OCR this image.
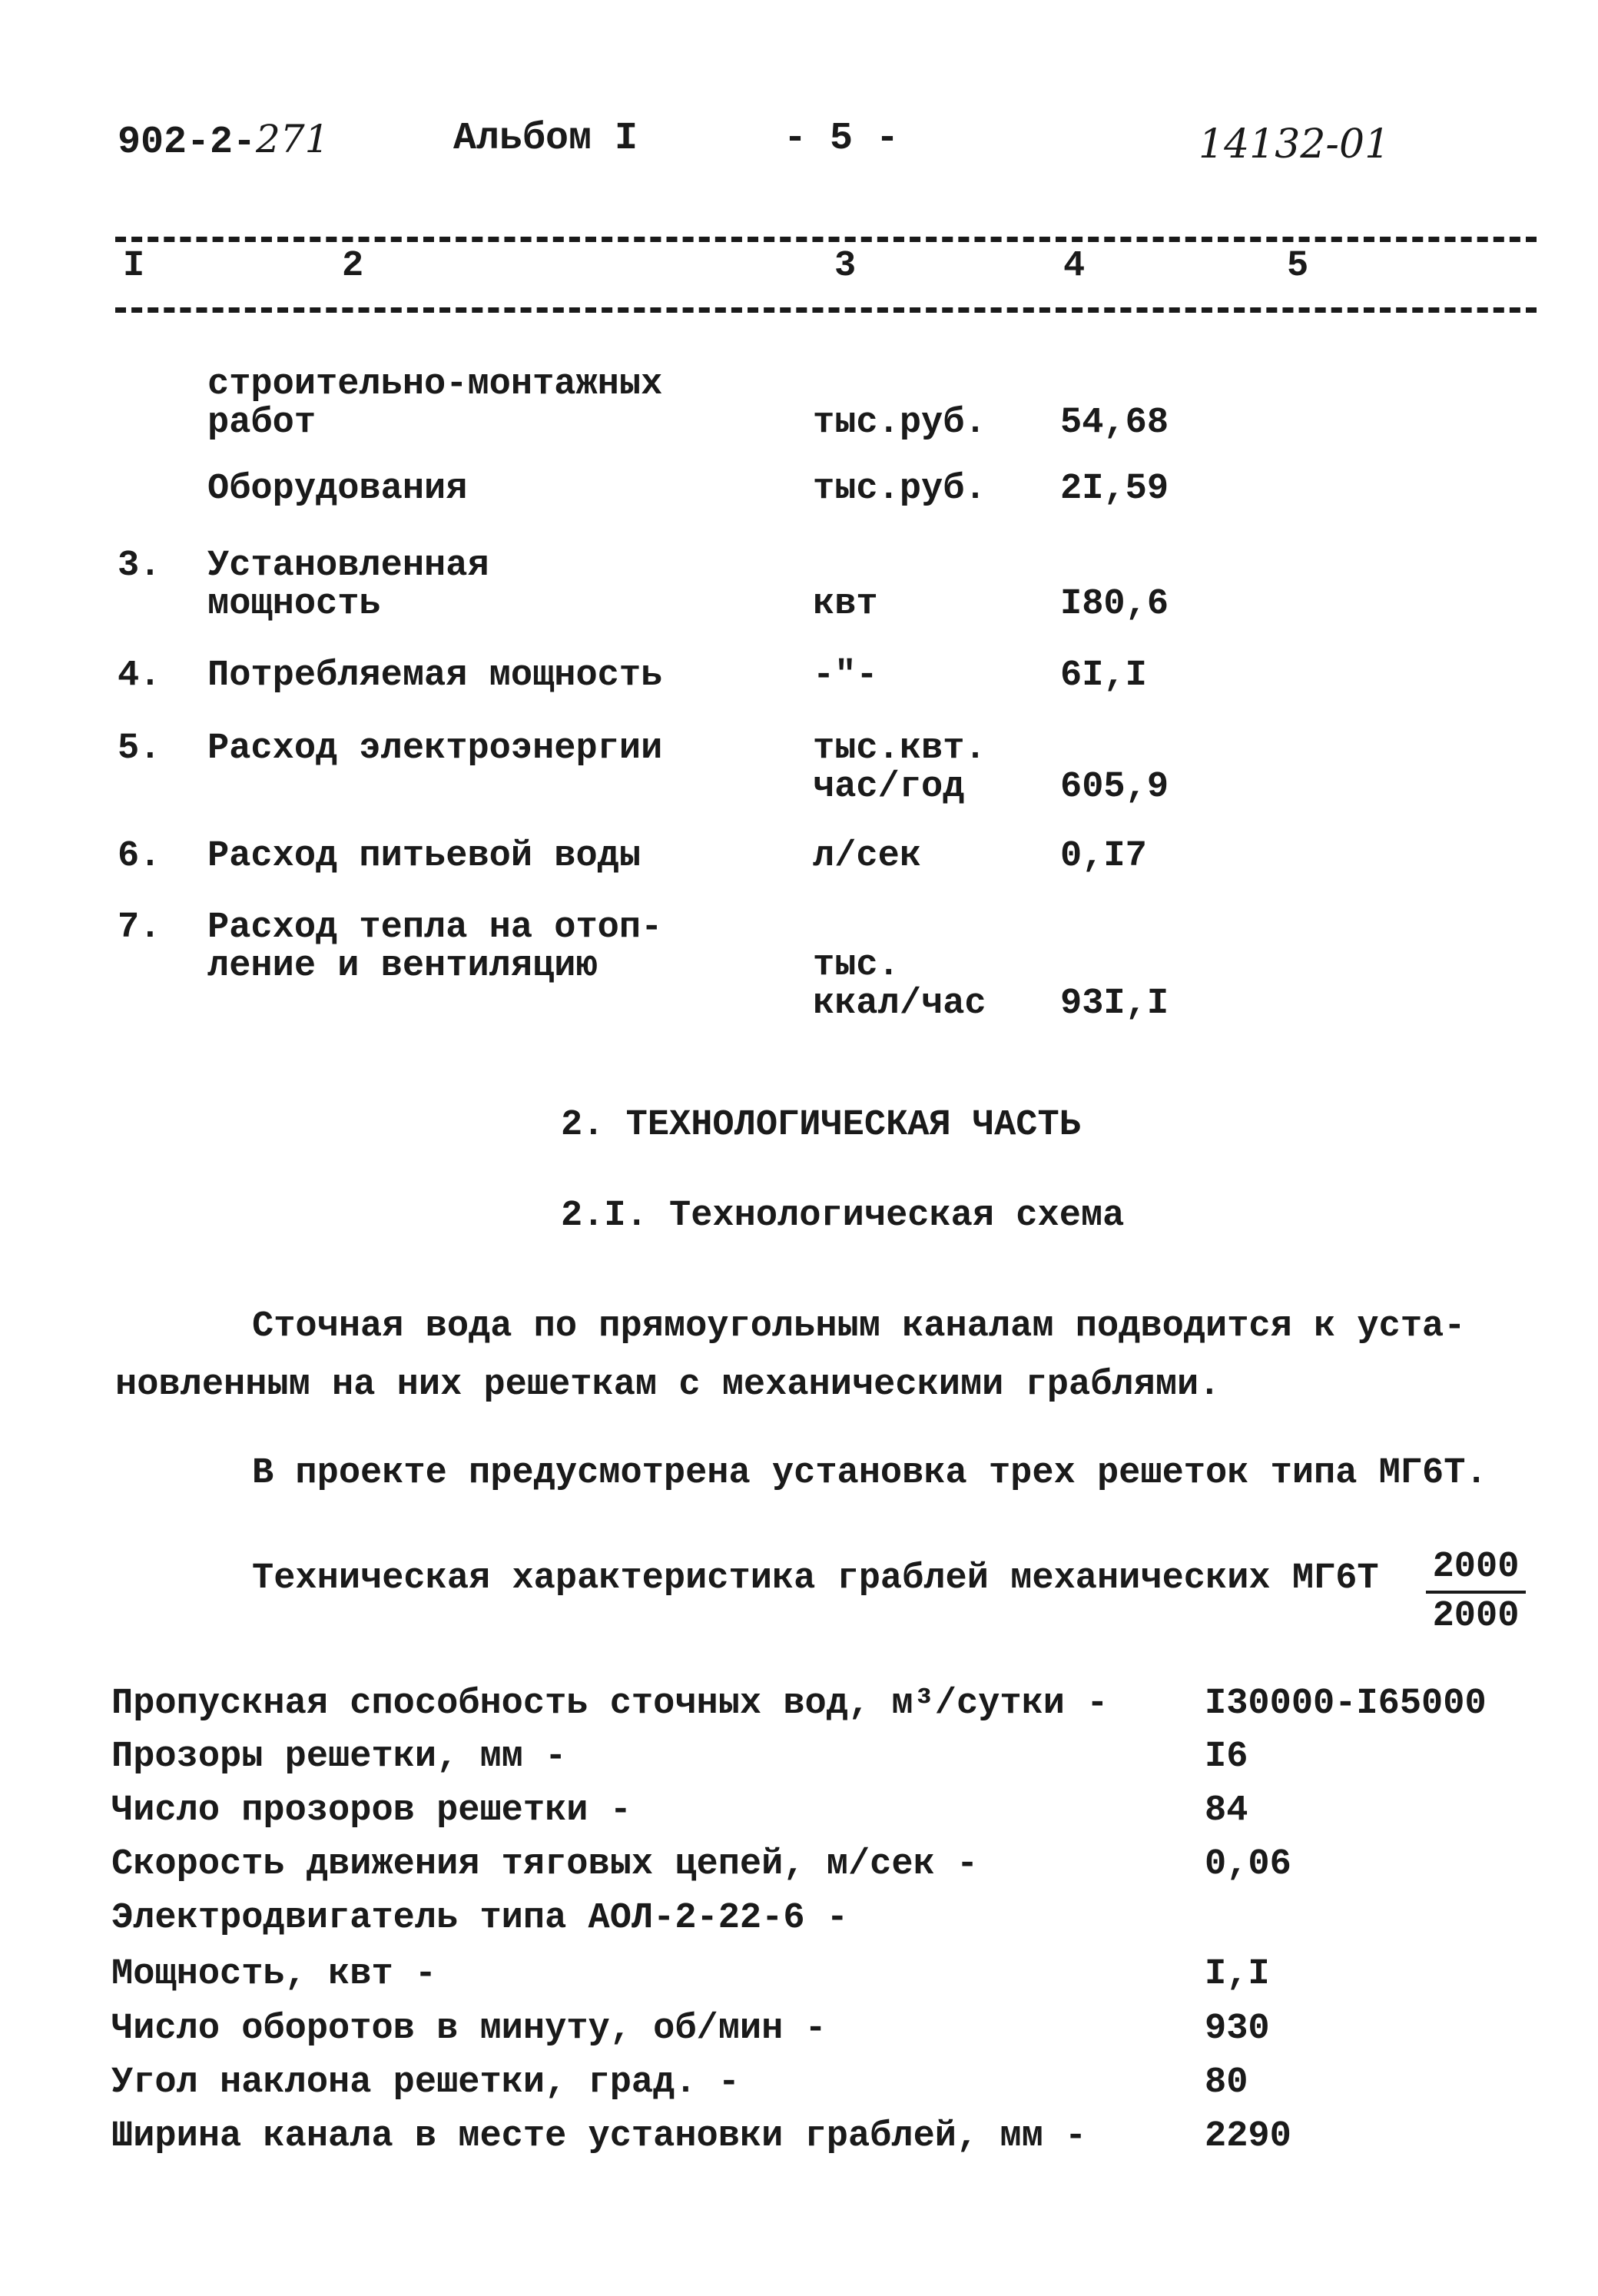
902-2-271	Альбом I	- 5 -	14132-01
I	2	3	4	5
строительно-монтажных
работ	тыс.руб. 54,68
Оборудования	тыс.руб. 2I,59
3. Установленная
мощность	квт	I80,6
4. Потребляемая мощность	-"-	6I,I
5. Расход электроэнергии	тыс.квт.
час/год	605,9
6. Расход питьевой воды	л/сек	0,I7
7. Расход тепла на отоп-
ление и вентиляцию	тыс.
ккал/час 93I,I
2. ТЕХНОЛОГИЧЕСКАЯ ЧАСТЬ
2.I. Технологическая схема
Сточная вода по прямоугольным каналам подводится к уста-
новленным на них решеткам с механическими граблями.
В проекте предусмотрена установка трех решеток типа МГ6Т.
Техническая характеристика граблей механических МГ6Т 2000
2000
Пропускная способность сточных вод, м³/сутки -	I30000-I65000
Прозоры решетки, мм -	I6
Число прозоров решетки -	84
Скорость движения тяговых цепей, м/сек -	0,06
Электродвигатель типа АОЛ-2-22-6 -
Мощность, квт -	I,I
Число оборотов в минуту, об/мин -	930
Угол наклона решетки, град. -	80
Ширина канала в месте установки граблей, мм -	2290
